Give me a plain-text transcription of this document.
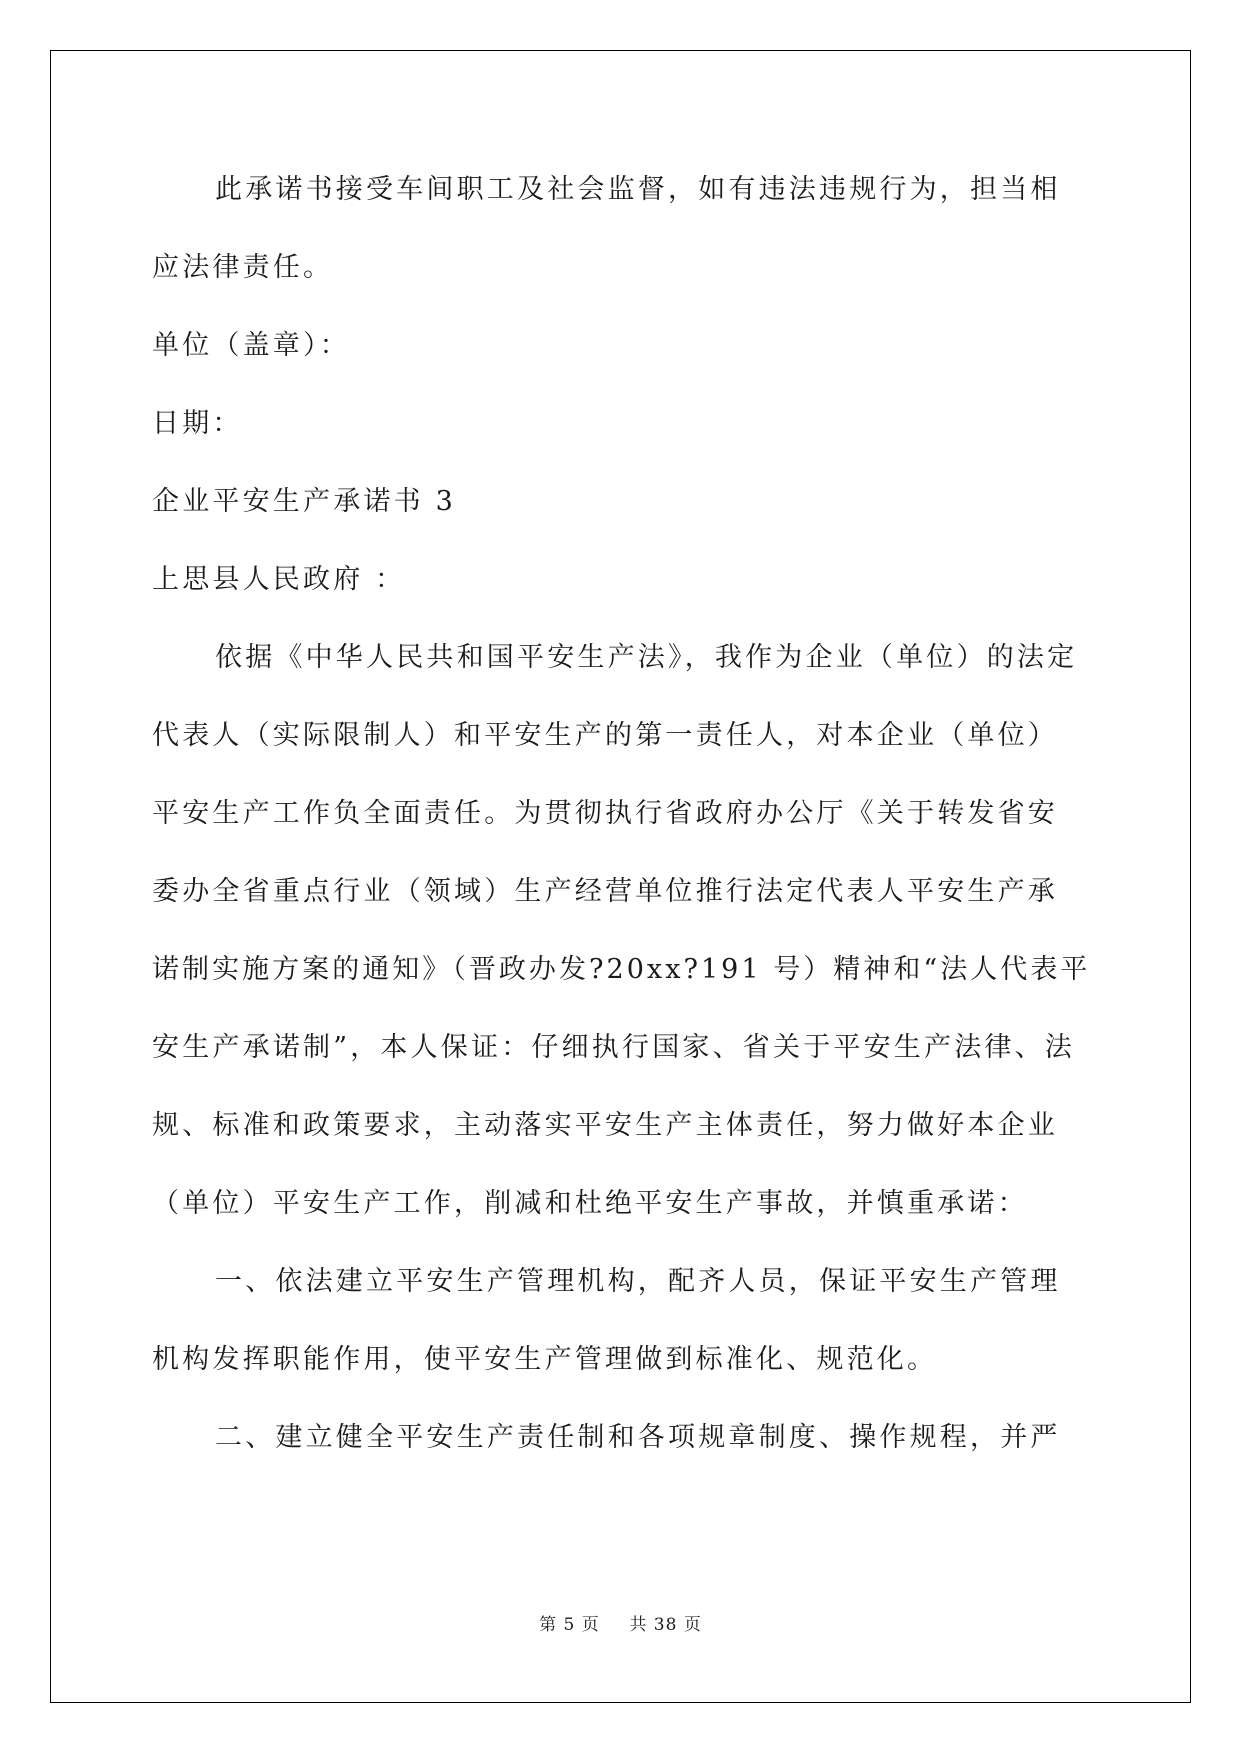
此承诺书接受车间职工及社会监督，如有违法违规行为，担当相
应法律责任。
单位（盖章）：
日期：
企业平安生产承诺书 3
上思县人民政府 ：
依据《中华人民共和国平安生产法》，我作为企业（单位）的法定
代表人（实际限制人）和平安生产的第一责任人，对本企业（单位）
平安生产工作负全面责任。为贯彻执行省政府办公厅《关于转发省安
委办全省重点行业（领域）生产经营单位推行法定代表人平安生产承
诺制实施方案的通知》（晋政办发?20xx?191 号）精神和“法人代表平
安生产承诺制”，本人保证：仔细执行国家、省关于平安生产法律、法
规、标准和政策要求，主动落实平安生产主体责任，努力做好本企业
（单位）平安生产工作，削减和杜绝平安生产事故，并慎重承诺：
一、依法建立平安生产管理机构，配齐人员，保证平安生产管理
机构发挥职能作用，使平安生产管理做到标准化、规范化。
二、建立健全平安生产责任制和各项规章制度、操作规程，并严
第 5 页 共 38 页
